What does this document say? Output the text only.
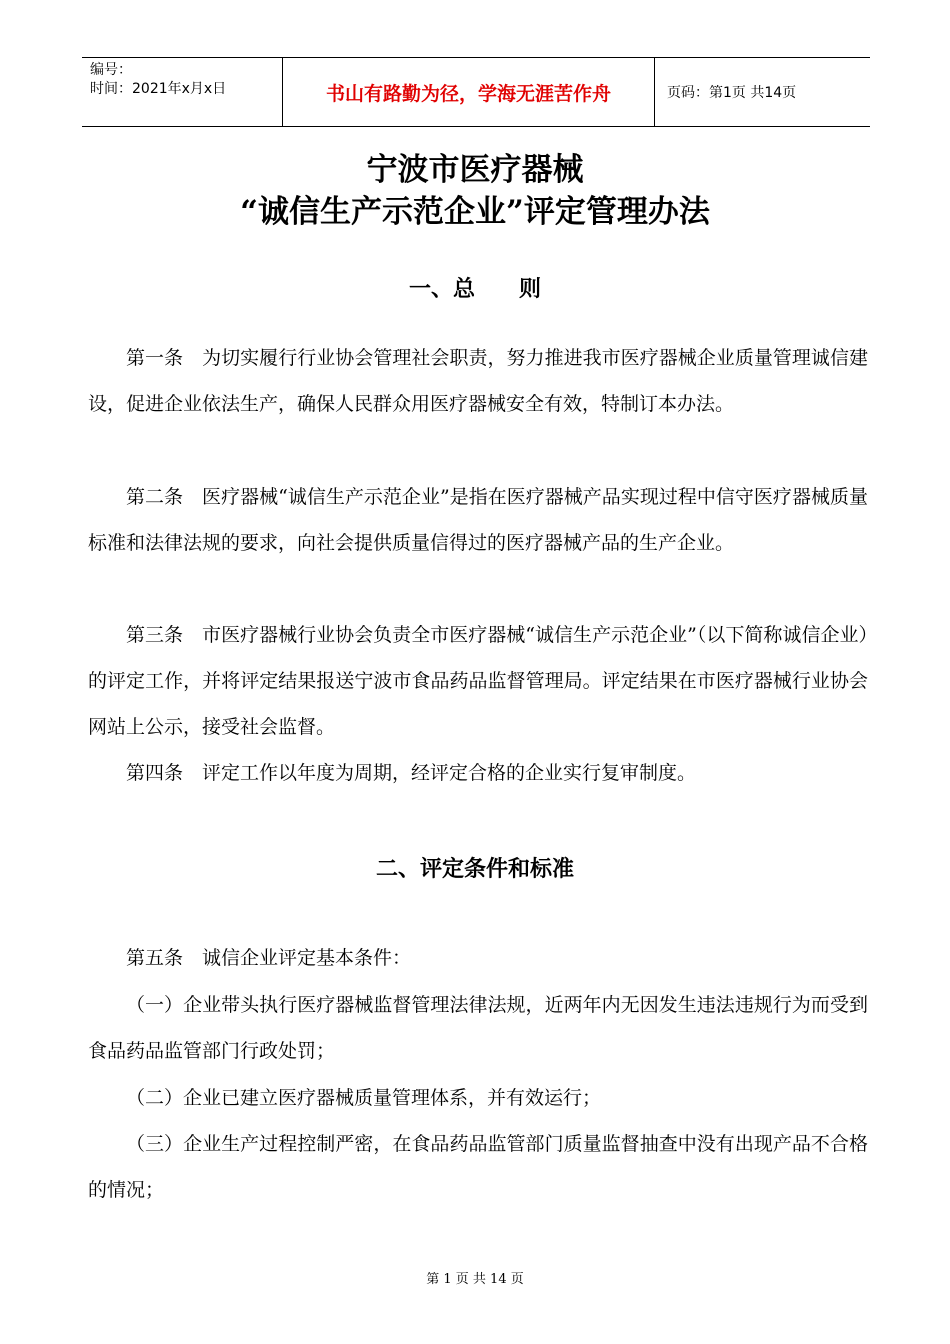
编号：
时间：2021年x月x日	书山有路勤为径，学海无涯苦作舟	页码：第1页 共14页
宁波市医疗器械
“诚信生产示范企业”评定管理办法
一、总　　则
第一条　为切实履行行业协会管理社会职责，努力推进我市医疗器械企业质量管理诚信建设，促进企业依法生产，确保人民群众用医疗器械安全有效，特制订本办法。
第二条　医疗器械“诚信生产示范企业”是指在医疗器械产品实现过程中信守医疗器械质量标准和法律法规的要求，向社会提供质量信得过的医疗器械产品的生产企业。
第三条　市医疗器械行业协会负责全市医疗器械“诚信生产示范企业”（以下简称诚信企业）的评定工作，并将评定结果报送宁波市食品药品监督管理局。评定结果在市医疗器械行业协会网站上公示，接受社会监督。
第四条　评定工作以年度为周期，经评定合格的企业实行复审制度。
二、评定条件和标准
第五条　诚信企业评定基本条件：
（一）企业带头执行医疗器械监督管理法律法规，近两年内无因发生违法违规行为而受到食品药品监管部门行政处罚；
（二）企业已建立医疗器械质量管理体系，并有效运行；
（三）企业生产过程控制严密，在食品药品监管部门质量监督抽查中没有出现产品不合格的情况；
第 1 页 共 14 页
